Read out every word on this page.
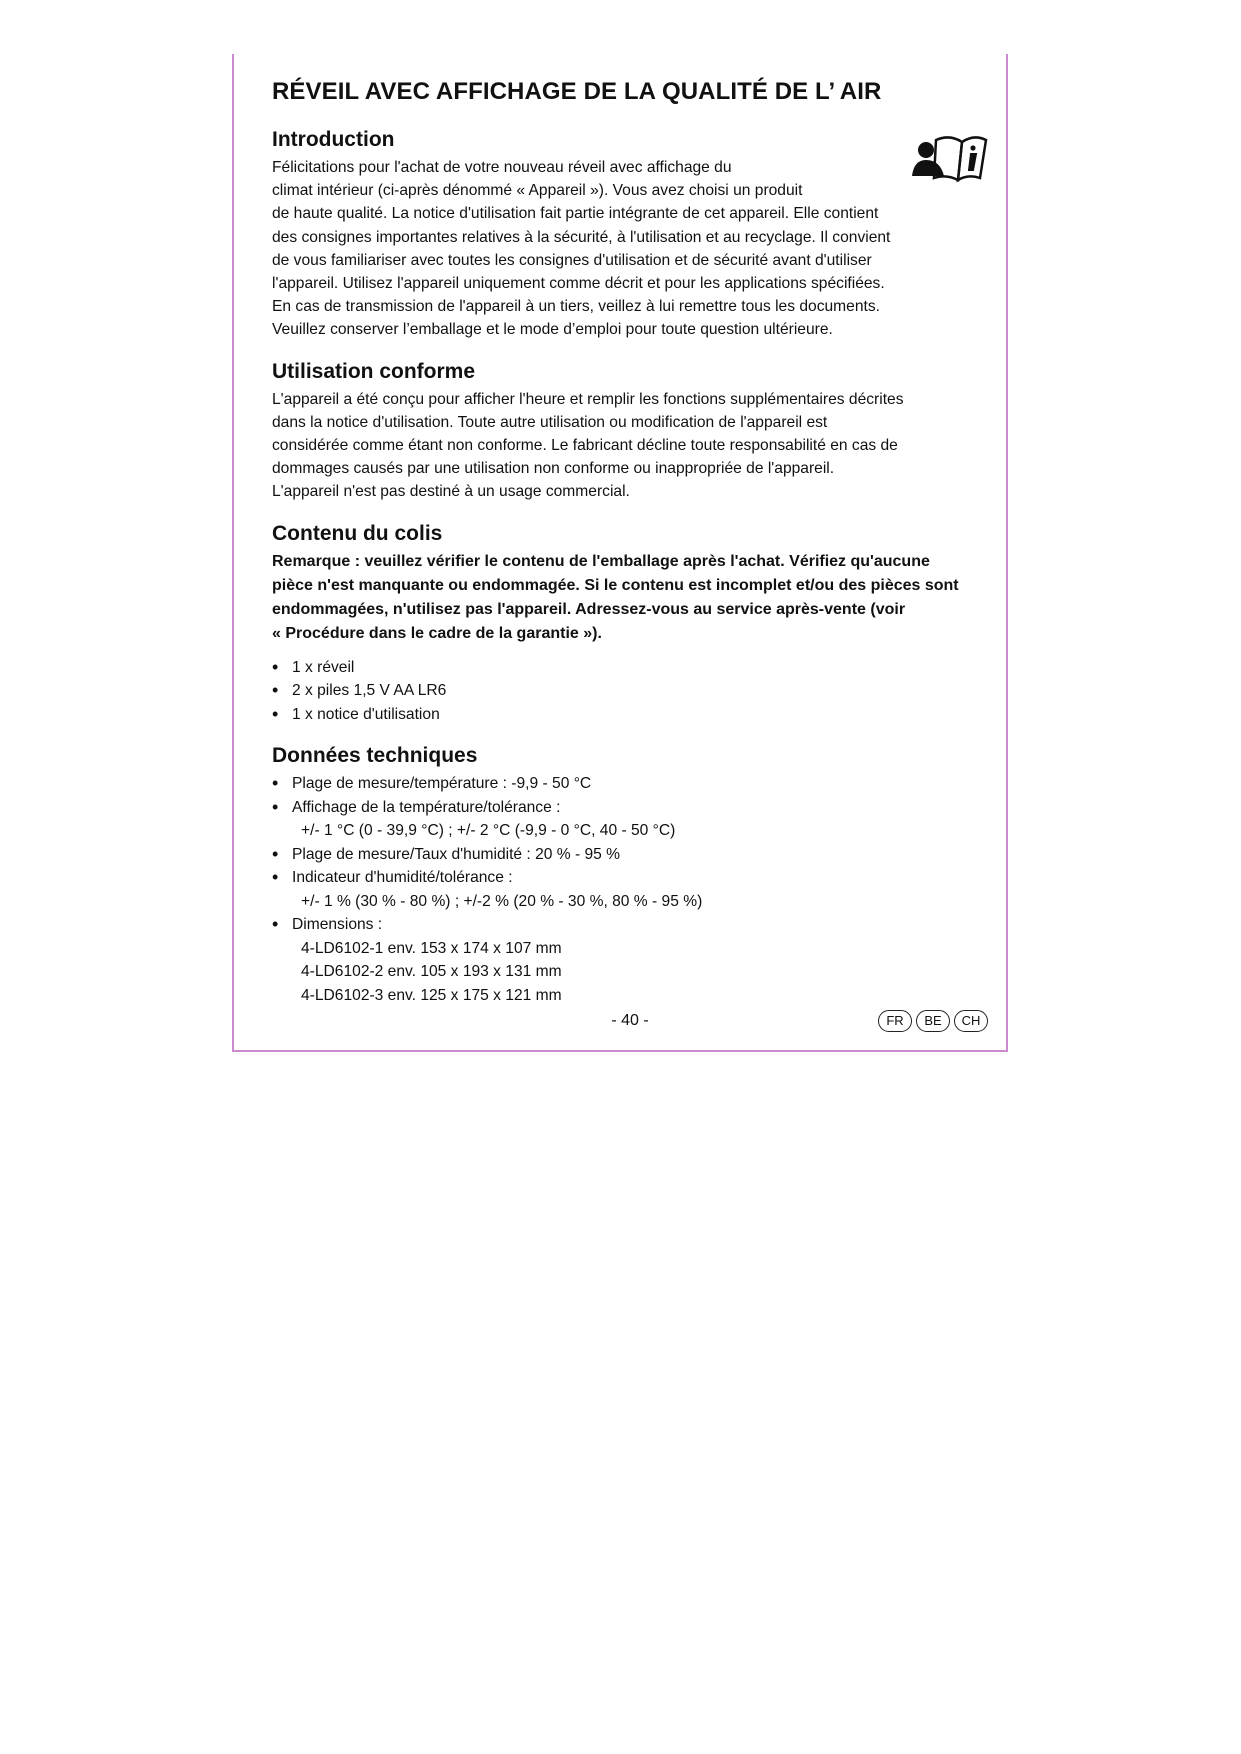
RÉVEIL AVEC AFFICHAGE DE LA QUALITÉ DE L’ AIR
Introduction

Félicitations pour l'achat de votre nouveau réveil avec affichage du
climat intérieur (ci-après dénommé « Appareil »). Vous avez choisi un produit
de haute qualité. La notice d'utilisation fait partie intégrante de cet appareil. Elle contient
des consignes importantes relatives à la sécurité, à l'utilisation et au recyclage. Il convient
de vous familiariser avec toutes les consignes d'utilisation et de sécurité avant d'utiliser
l'appareil. Utilisez l'appareil uniquement comme décrit et pour les applications spécifiées.
En cas de transmission de l'appareil à un tiers, veillez à lui remettre tous les documents.
Veuillez conserver l’emballage et le mode d’emploi pour toute question ultérieure.

Utilisation conforme

L'appareil a été conçu pour afficher l'heure et remplir les fonctions supplémentaires décrites
dans la notice d'utilisation. Toute autre utilisation ou modification de l'appareil est
considérée comme étant non conforme. Le fabricant décline toute responsabilité en cas de
dommages causés par une utilisation non conforme ou inappropriée de l'appareil.
L'appareil n'est pas destiné à un usage commercial.

Contenu du colis
Remarque : veuillez vérifier le contenu de l'emballage après l'achat. Vérifiez qu'aucune
pièce n'est manquante ou endommagée. Si le contenu est incomplet et/ou des pièces sont
endommagées, n'utilisez pas l'appareil. Adressez-vous au service après-vente (voir
« Procédure dans le cadre de la garantie »).
• 1 x réveil
• 2 x piles 1,5 V AA LR6
• 1 x notice d'utilisation
Données techniques
• Plage de mesure/température : -9,9 - 50 °C
• Affichage de la température/tolérance :
+/- 1 °C (0 - 39,9 °C) ; +/- 2 °C (-9,9 - 0 °C, 40 - 50 °C)
• Plage de mesure/Taux d'humidité : 20 % - 95 %
• Indicateur d'humidité/tolérance :
+/- 1 % (30 % - 80 %) ; +/-2 % (20 % - 30 %, 80 % - 95 %)
• Dimensions :
4-LD6102-1 env. 153 x 174 x 107 mm
4-LD6102-2 env. 105 x 193 x 131 mm
4-LD6102-3 env. 125 x 175 x 121 mm
- 40 -	FR	BE	CH
